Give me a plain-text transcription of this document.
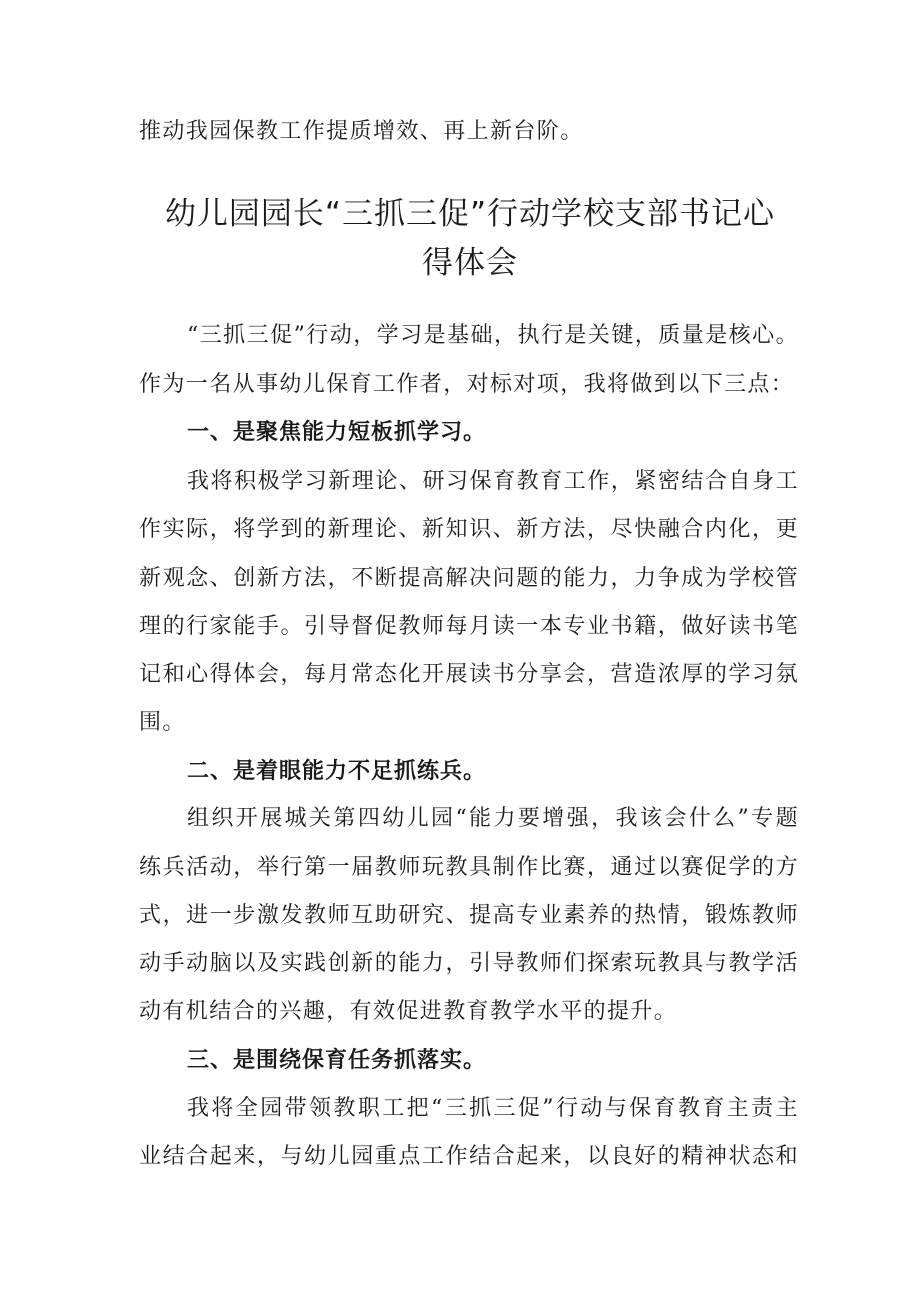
推动我园保教工作提质增效、再上新台阶。
幼儿园园长“三抓三促”行动学校支部书记心
得体会
“三抓三促”行动，学习是基础，执行是关键，质量是核心。
作为一名从事幼儿保育工作者，对标对项，我将做到以下三点：
一、是聚焦能力短板抓学习。
我将积极学习新理论、研习保育教育工作，紧密结合自身工
作实际，将学到的新理论、新知识、新方法，尽快融合内化，更
新观念、创新方法，不断提高解决问题的能力，力争成为学校管
理的行家能手。引导督促教师每月读一本专业书籍，做好读书笔
记和心得体会，每月常态化开展读书分享会，营造浓厚的学习氛
围。
二、是着眼能力不足抓练兵。
组织开展城关第四幼儿园“能力要增强，我该会什么”专题
练兵活动，举行第一届教师玩教具制作比赛，通过以赛促学的方
式，进一步激发教师互助研究、提高专业素养的热情，锻炼教师
动手动脑以及实践创新的能力，引导教师们探索玩教具与教学活
动有机结合的兴趣，有效促进教育教学水平的提升。
三、是围绕保育任务抓落实。
我将全园带领教职工把“三抓三促”行动与保育教育主责主
业结合起来，与幼儿园重点工作结合起来，以良好的精神状态和
